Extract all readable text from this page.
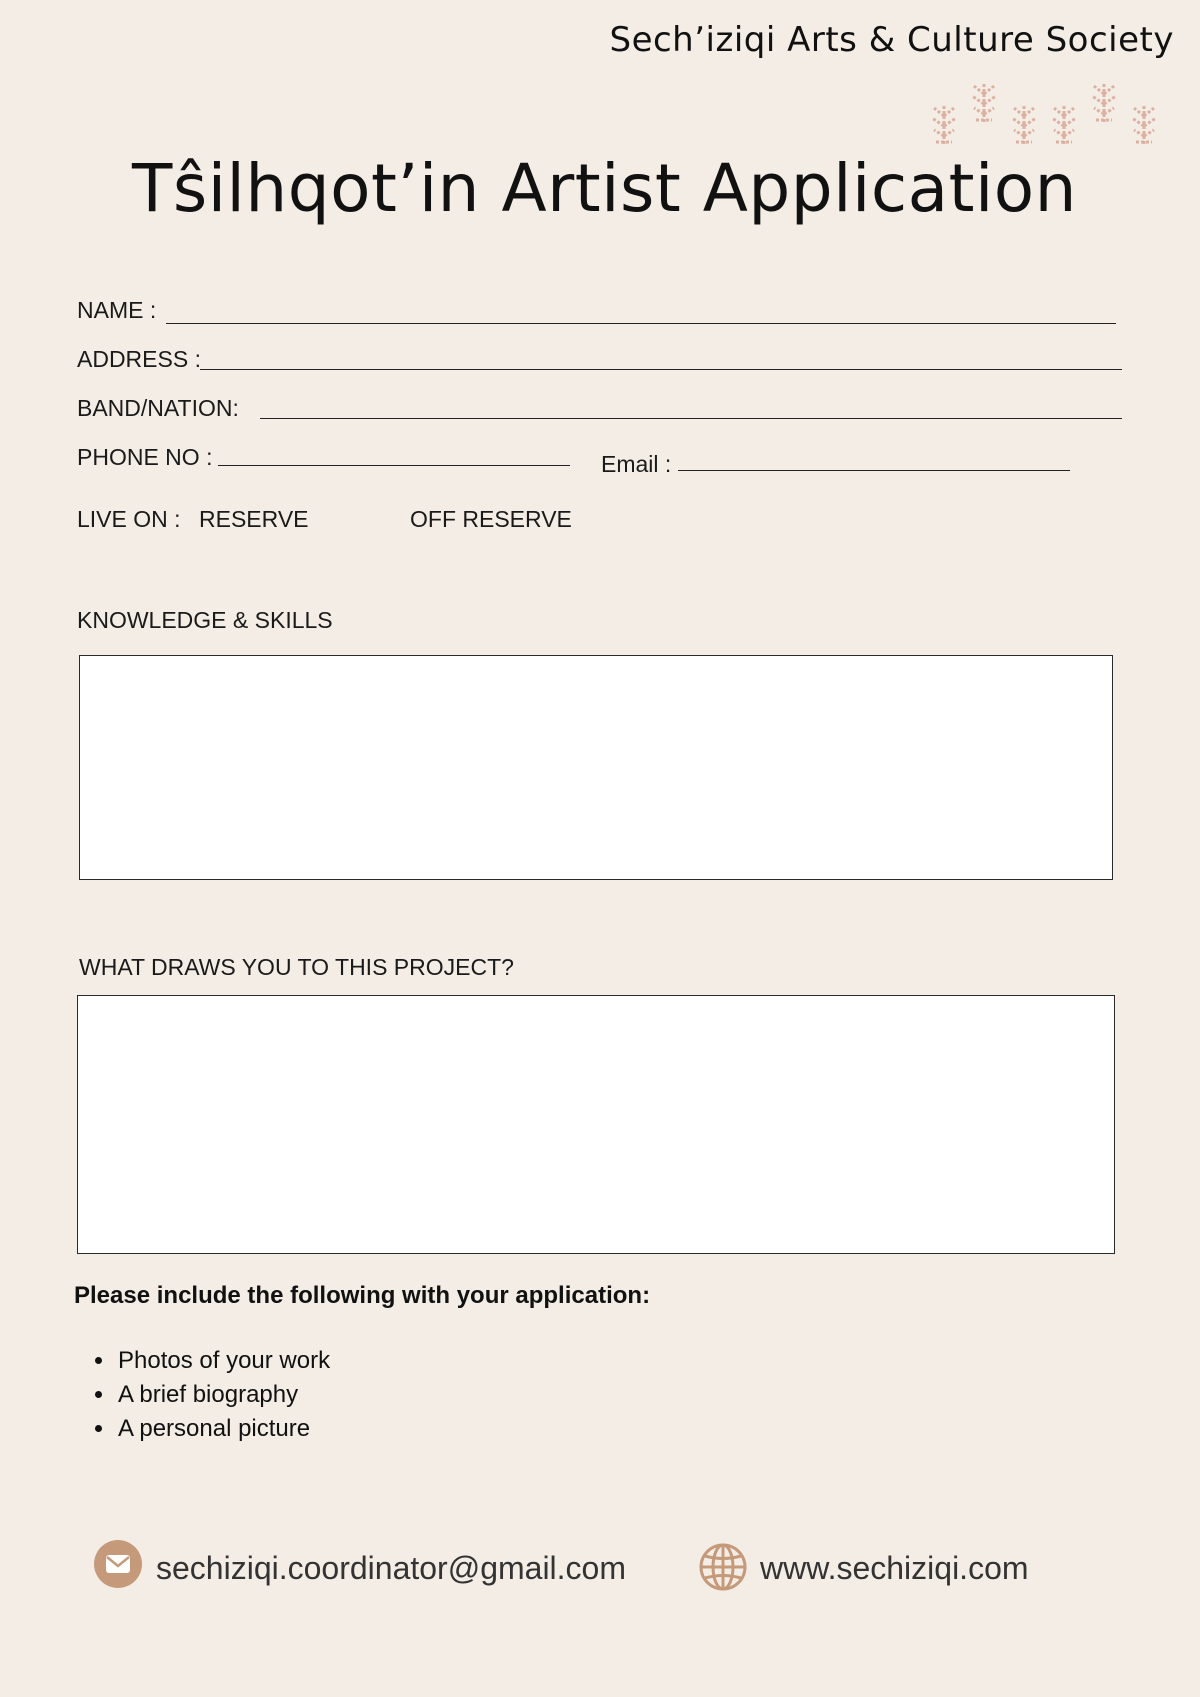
Sech’iziqi Arts & Culture Society
Tŝilhqot’in Artist Application
NAME :
ADDRESS :
BAND/NATION:
PHONE NO :	Email :
LIVE ON : RESERVE	OFF RESERVE
KNOWLEDGE & SKILLS
WHAT DRAWS YOU TO THIS PROJECT?
Please include the following with your application:
• Photos of your work
• A brief biography
• A personal picture
sechiziqi.coordinator@gmail.com	www.sechiziqi.com
